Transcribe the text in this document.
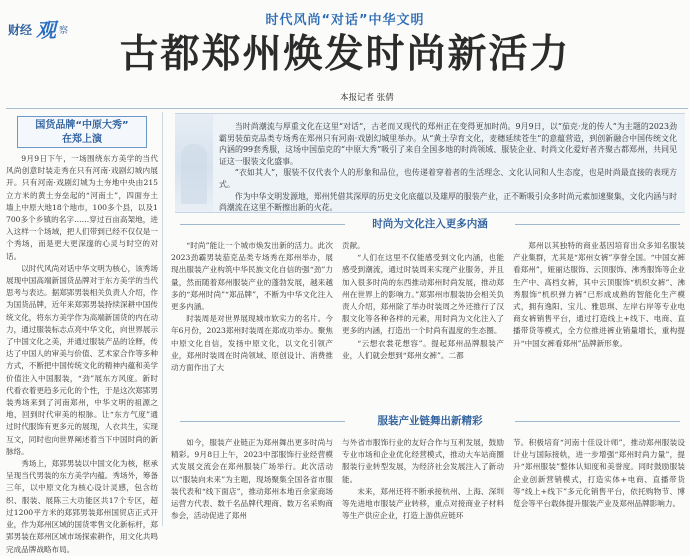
财经 观 察
时代风尚“对话”中华文明
古都郑州焕发时尚新活力
本报记者 张倩
国货品牌“中原大秀”
在郑上演

9月9日下午，一场围绕东方美学的当代风尚创意时装走秀在只有河南·戏剧幻城内展开。只有河南·戏剧幻城为土夯地中央由215立方米的黄土夯垒起的“河南土”，四面夯土墙上中原大地18个地市，100多个县，以及1700多个乡镇的名字……穿过百亩高架地，进入这样一个场域，把人们带到已经不仅仅是一个秀场，而是更大更深邃的心灵与时空的对话。

以时代风尚对话中华文明为核心，该秀场展现中国高端新国货品牌对于东方美学的当代思考与表达。据郑郢男装相关负责人介绍，作为国货品牌，近年来郑郢男装持续深耕中国传统文化，将东方美学作为高端新国货的内在动力，通过服装标志点亮中华文化，向世界展示了中国文化之美，并通过服装产品的诠释，传达了中国人的审美与价值、艺术家合作等多种方式，不断把中国传统文化的精神内蕴和美学价值注入中国服装，“劲”展东方风度。新时代看衣着更趋多元化的个性，于是这次郑郢男装秀场来到了河南郑州，中华文明的祖源之地，回到时代审美的根脉。让“东方气度”通过时代服饰有更多元的展现，人衣共生，实现互文，同时也向世界阐述着当下中国时尚的新脉络。

秀场上，郑郢男装以中国文化为核，枢承呈现当代男装的东方美学内蕴。秀场外，筹备三年，以中原文化为核心设计灵感，包含纺织、服装、展陈三大功能区共17个专区，超过1200平方米的郑郢男装郑州国贸店正式开业，作为郑州区域的国货零售文化新标杆，郑郢男装在郑州区域市场探索耕作，用文化共鸣完成品牌战略布局。

当时尚潮流与厚重文化在这里“对话”，古老而又现代的郑州正在变得更加时尚。9月9日，以“茄克·龙的传人”为主题的2023劲霸男装茄克品类专场秀在郑州只有河南·戏剧幻城里举办。从“黄土孕育文化，麦穗延续苍生”的意蕴营造，到创新融合中国传统文化内涵的99套秀服，这场中国茄克的“中原大秀”吸引了来自全国多地的时尚领域、服装企业、时尚文化爱好者齐聚古都郑州，共同见证这一服装文化盛事。

“衣如其人”，服装不仅代表个人的形象和品位，也传递着穿着者的生活理念、文化认同和人生态度，也是时尚最直接的表现方式。

作为中华文明发源地，郑州凭借其深厚的历史文化底蕴以及雄厚的服装产业，正不断吸引众多时尚元素加速聚集，文化内涵与时尚潮流在这里不断擦出新的火花。

时尚为文化注入更多内涵

“时尚”能让一个城市焕发出新的活力。此次2023劲霸男装茄克品类专场秀在郑州举办，展现出服装产业构筑中华民族文化自信的强“劲”力量，然而随着郑州服装产业的蓬勃发展，越来越多的“郑州时尚”“郑品牌”，不断为中华文化注入更多内涵。

时装周是对世界展现城市软实力的名片。今年6月份，2023郑州时装周在郑成功举办。聚焦中原文化自信，发扬中原文化，以文化引领产业，郑州时装周在时尚领域、原创设计、消费推动方面作出了大

贡献。

“人们在这里不仅能感受到文化内涵，也能感受到潮流，通过时装周来实现产业服务，并且加入很多时尚的东西推动郑州时尚发展，推动郑州在世界上的影响力。”郑郢州市服装协会相关负责人介绍，郑州除了举办时装周之外还推行了汉服文化等各种各样的元素，用时尚为文化注入了更多的内涵，打造出一个时尚有温度的生态圈。

“云想衣裳花想容”。提起郑州品牌服装产业，人们就会想到“郑州女裤”。二都

郑州以其独特的商业基因培育出众多知名服装产业集群，尤其是“郑州女裤”享誉全国。“中国女裤看郑州”，娅丽达服饰、云顶服饰、沸秀服饰等企业生产中、高档女裤，其中云顶服饰“机织女裤”、沸秀服饰“机织弹力裤”已形成成熟的智能化生产模式，拥有逸阳、宝儿、雅思琪、左岸右岸等专业电商女裤销售平台，通过打造线上+线下、电商、直播带货等模式，全方位推进裤业销量增长，重构提升“中国女裤看郑州”品牌新形象。

服装产业链舞出新精彩

如今，服装产业链正为郑州舞出更多时尚与精彩。9月8日上午，2023中部服饰行业经营模式发展交流会在郑州服装广场举行。此次活动以“服装向未来”为主题，现场聚集全国各省市服装代表和“线下面店”，推动郑州本地百余家商场运营方代表、数千名品牌代理商、数万名采购商参会，活动促进了郑州

与外省市服饰行业的友好合作与互利发展，鼓励专业市场和企业优化经营模式，推动大车站商圈服装行业转型发展，为经济社会发展注入了新动能。

未来，郑州还将不断承接杭州、上海、深圳等先进地市服装产业转移，重点对接商业子材料等生产供应企业，打造上游供应链环

节。积极培育“河南十佳设计师”，推动郑州服装设计业与国际接轨，进一步增强“郑州时尚力量”，提升“郑州服装”整体认知度和美誉度。同时鼓励服装企业创新营销模式，打造实体+电商、直播带货等“线上+线下”多元化销售平台，依托购物节、博览会等平台载体提升服装产业及郑州品牌影响力。
